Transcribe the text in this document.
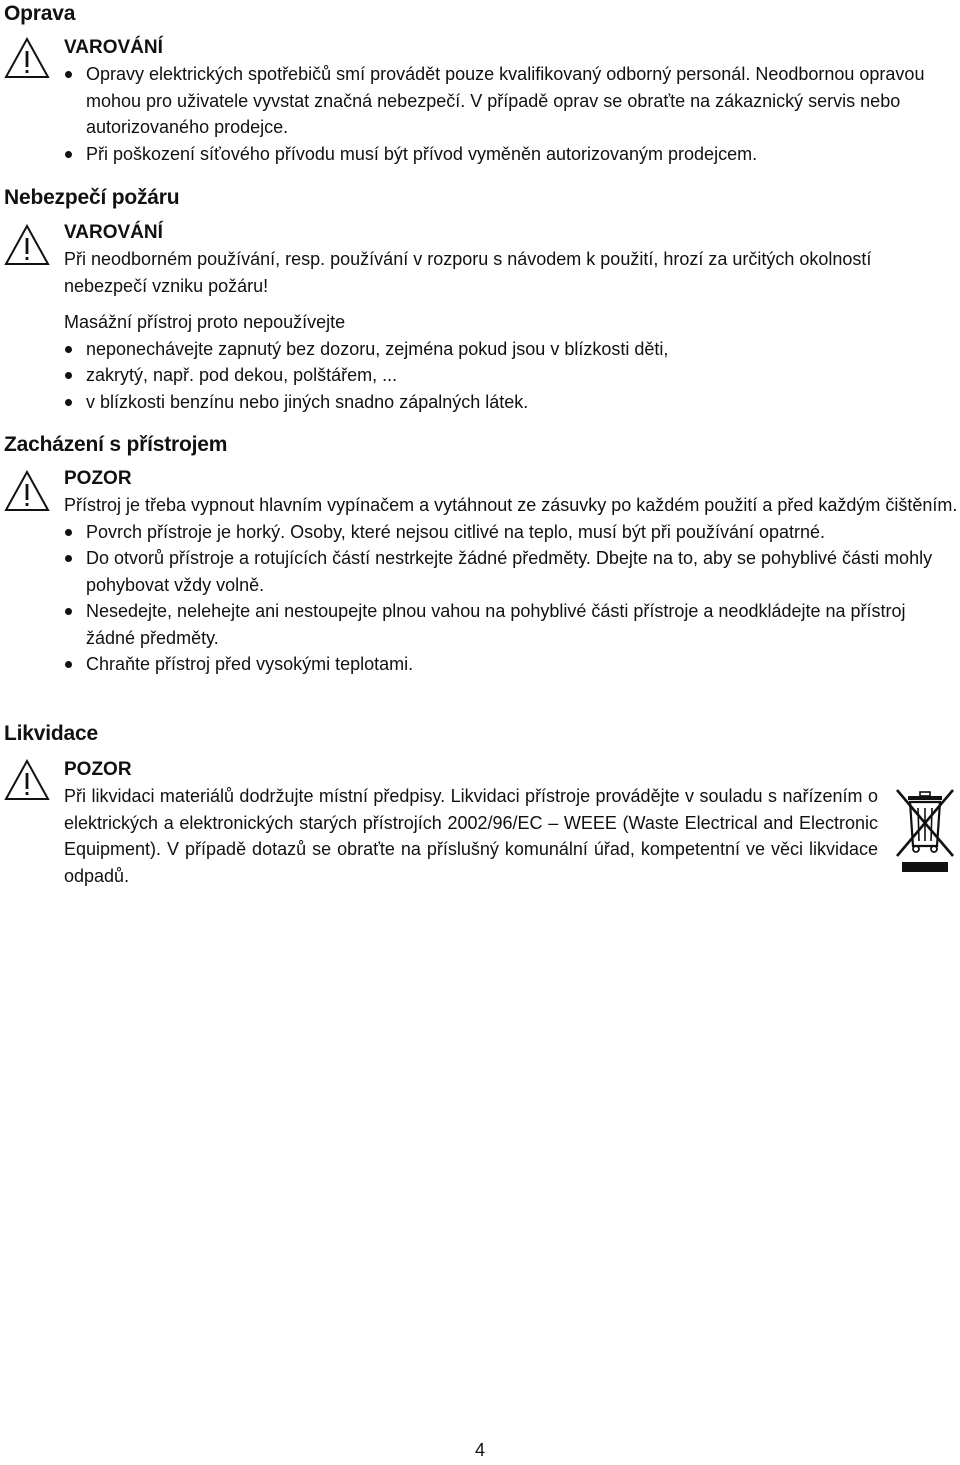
Oprava

VAROVÁNÍ

Opravy elektrických spotřebičů smí provádět pouze kvalifikovaný odborný personál. Neodbornou opravou mohou pro uživatele vyvstat značná nebezpečí. V případě oprav se obraťte na zákaznický servis nebo autorizovaného prodejce.
Při poškození síťového přívodu musí být přívod vyměněn autorizovaným prodejcem.
Nebezpečí požáru

VAROVÁNÍ

Při neodborném používání, resp. používání v rozporu s návodem k použití, hrozí za určitých okolností nebezpečí vzniku požáru!

Masážní přístroj proto nepoužívejte

neponechávejte zapnutý bez dozoru, zejména pokud jsou v blízkosti děti,
zakrytý, např. pod dekou, polštářem, ...
v blízkosti benzínu nebo jiných snadno zápalných látek.
Zacházení s přístrojem

POZOR

Přístroj je třeba vypnout hlavním vypínačem a vytáhnout ze zásuvky po každém použití a před každým čištěním.

Povrch přístroje je horký. Osoby, které nejsou citlivé na teplo, musí být při používání opatrné.
Do otvorů přístroje a rotujících částí nestrkejte žádné předměty. Dbejte na to, aby se pohyblivé části mohly pohybovat vždy volně.
Nesedejte, nelehejte ani nestoupejte plnou vahou na pohyblivé části přístroje a neodkládejte na přístroj žádné předměty.
Chraňte přístroj před vysokými teplotami.
Likvidace

POZOR

Při likvidaci materiálů dodržujte místní předpisy. Likvidaci přístroje provádějte v souladu s nařízením o elektrických a elektronických starých přístrojích 2002/96/EC – WEEE (Waste Electrical and Electronic Equipment). V případě dotazů se obraťte na příslušný komunální úřad, kompetentní ve věci likvidace odpadů.

4
